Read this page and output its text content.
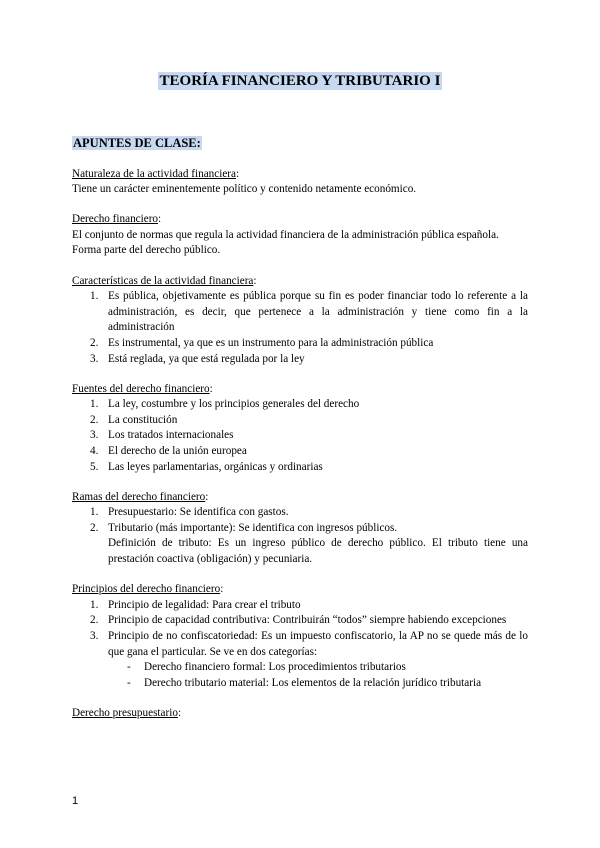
TEORÍA FINANCIERO Y TRIBUTARIO I
APUNTES DE CLASE:
Naturaleza de la actividad financiera:

Tiene un carácter eminentemente político y contenido netamente económico.

Derecho financiero:

El conjunto de normas que regula la actividad financiera de la administración pública española.

Forma parte del derecho público.

Características de la actividad financiera:
1. Es pública, objetivamente es pública porque su fin es poder financiar todo lo referente a la administración, es decir, que pertenece a la administración y tiene como fin a la administración
2. Es instrumental, ya que es un instrumento para la administración pública
3. Está reglada, ya que está regulada por la ley
Fuentes del derecho financiero:
1. La ley, costumbre y los principios generales del derecho
2. La constitución
3. Los tratados internacionales
4. El derecho de la unión europea
5. Las leyes parlamentarias, orgánicas y ordinarias
Ramas del derecho financiero:
1. Presupuestario: Se identifica con gastos.
2. Tributario (más importante): Se identifica con ingresos públicos.
Definición de tributo: Es un ingreso público de derecho público. El tributo tiene una prestación coactiva (obligación) y pecuniaria.
Principios del derecho financiero:
1. Principio de legalidad: Para crear el tributo
2. Principio de capacidad contributiva: Contribuirán “todos” siempre habiendo excepciones
3. Principio de no confiscatoriedad: Es un impuesto confiscatorio, la AP no se quede más de lo que gana el particular. Se ve en dos categorías:
- Derecho financiero formal: Los procedimientos tributarios
- Derecho tributario material: Los elementos de la relación jurídico tributaria
Derecho presupuestario:
1
